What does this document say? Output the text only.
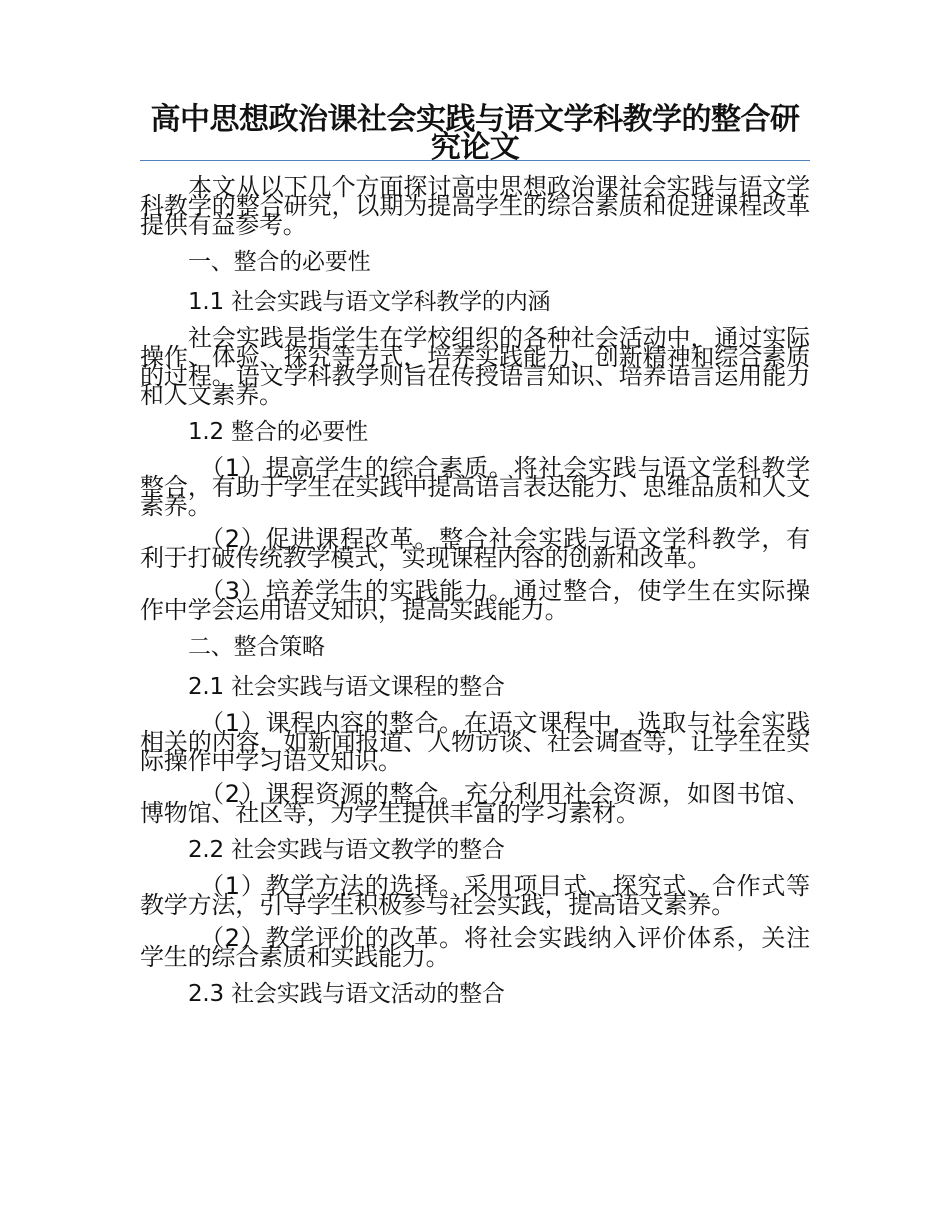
高中思想政治课社会实践与语文学科教学的整合研究论文

本文从以下几个方面探讨高中思想政治课社会实践与语文学科教学的整合研究，以期为提高学生的综合素质和促进课程改革提供有益参考。

一、整合的必要性

1.1 社会实践与语文学科教学的内涵

社会实践是指学生在学校组织的各种社会活动中，通过实际操作、体验、探究等方式，培养实践能力、创新精神和综合素质的过程。语文学科教学则旨在传授语言知识、培养语言运用能力和人文素养。

1.2 整合的必要性

（1）提高学生的综合素质。将社会实践与语文学科教学整合，有助于学生在实践中提高语言表达能力、思维品质和人文素养。

（2）促进课程改革。整合社会实践与语文学科教学，有利于打破传统教学模式，实现课程内容的创新和改革。

（3）培养学生的实践能力。通过整合，使学生在实际操作中学会运用语文知识，提高实践能力。

二、整合策略

2.1 社会实践与语文课程的整合

（1）课程内容的整合。在语文课程中，选取与社会实践相关的内容，如新闻报道、人物访谈、社会调查等，让学生在实际操作中学习语文知识。

（2）课程资源的整合。充分利用社会资源，如图书馆、博物馆、社区等，为学生提供丰富的学习素材。

2.2 社会实践与语文教学的整合

（1）教学方法的选择。采用项目式、探究式、合作式等教学方法，引导学生积极参与社会实践，提高语文素养。

（2）教学评价的改革。将社会实践纳入评价体系，关注学生的综合素质和实践能力。

2.3 社会实践与语文活动的整合
